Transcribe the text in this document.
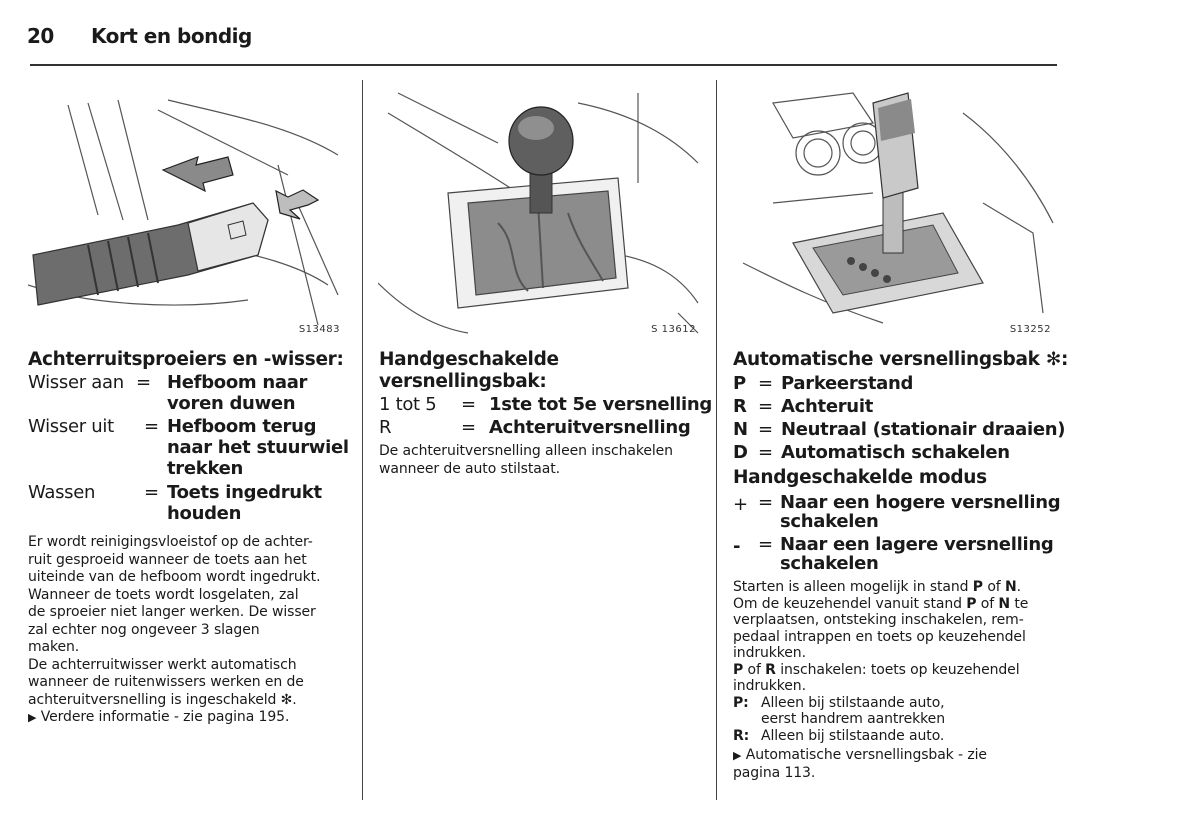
20 Kort en bondig
S13483	S 13612	S13252
Achterruitsproeiers en -wisser:
Wisser aan = Hefboom naar
voren duwen
Wisser uit = Hefboom terug
naar het stuurwiel
trekken
Wassen	= Toets ingedrukt
houden
Er wordt reinigingsvloeistof op de achter-
ruit gesproeid wanneer de toets aan het
uiteinde van de hefboom wordt ingedrukt.
Wanneer de toets wordt losgelaten, zal
de sproeier niet langer werken. De wisser
zal echter nog ongeveer 3 slagen
maken.
De achterruitwisser werkt automatisch
wanneer de ruitenwissers werken en de
achteruitversnelling is ingeschakeld ✻.
▶ Verdere informatie - zie pagina 195.
Handgeschakelde
versnellingsbak:
1 tot 5 = 1ste tot 5e versnelling
R	= Achteruitversnelling
De achteruitversnelling alleen inschakelen
wanneer de auto stilstaat.
Automatische versnellingsbak ✻:
P = Parkeerstand
R = Achteruit
N = Neutraal (stationair draaien)
D = Automatisch schakelen
Handgeschakelde modus
+ = Naar een hogere versnelling
schakelen
- = Naar een lagere versnelling
schakelen
Starten is alleen mogelijk in stand P of N.
Om de keuzehendel vanuit stand P of N te
verplaatsen, ontsteking inschakelen, rem-
pedaal intrappen en toets op keuzehendel
indrukken.
P of R inschakelen: toets op keuzehendel
indrukken.
P: Alleen bij stilstaande auto,
eerst handrem aantrekken
R: Alleen bij stilstaande auto.
▶ Automatische versnellingsbak - zie
pagina 113.
